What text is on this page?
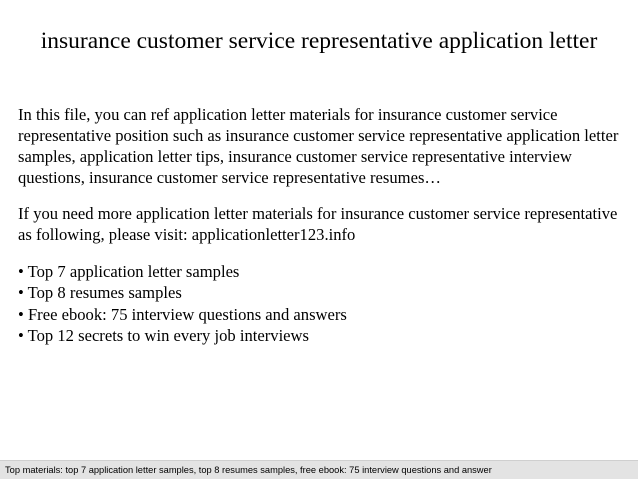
insurance customer service representative application letter

In this file, you can ref application letter materials for insurance customer service representative position such as insurance customer service representative application letter samples, application letter tips, insurance customer service representative interview questions, insurance customer service representative resumes…

If you need more application letter materials for insurance customer service representative as following, please visit: applicationletter123.info

• Top 7 application letter samples
• Top 8 resumes samples
• Free ebook: 75 interview questions and answers
• Top 12 secrets to win every job interviews
Top materials: top 7 application letter samples, top 8 resumes samples, free ebook: 75 interview questions and answer
